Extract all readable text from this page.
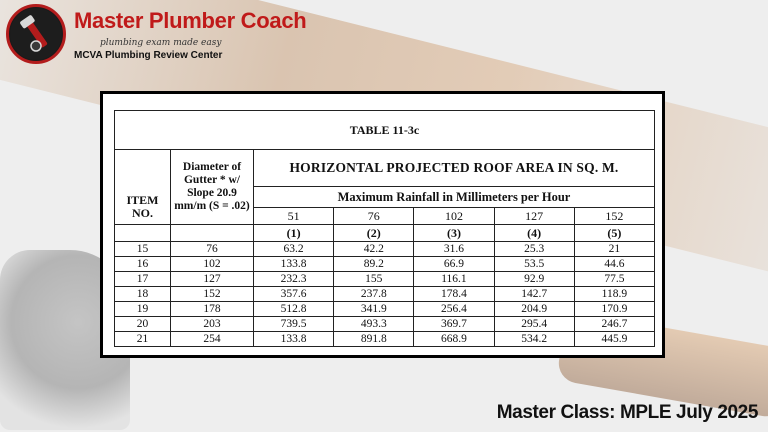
Master Plumber Coach
plumbing exam made easy
MCVA Plumbing Review Center
TABLE 11-3c						
ITEM NO.	Diameter of Gutter * w/ Slope 20.9 mm/m (S = .02)	HORIZONTAL PROJECTED ROOF AREA IN SQ. M.				
		Maximum Rainfall in Millimeters per Hour				
		51	76	102	127	152
		(1)	(2)	(3)	(4)	(5)
15	76	63.2	42.2	31.6	25.3	21
16	102	133.8	89.2	66.9	53.5	44.6
17	127	232.3	155	116.1	92.9	77.5
18	152	357.6	237.8	178.4	142.7	118.9
19	178	512.8	341.9	256.4	204.9	170.9
20	203	739.5	493.3	369.7	295.4	246.7
21	254	133.8	891.8	668.9	534.2	445.9
Master Class: MPLE July 2025
